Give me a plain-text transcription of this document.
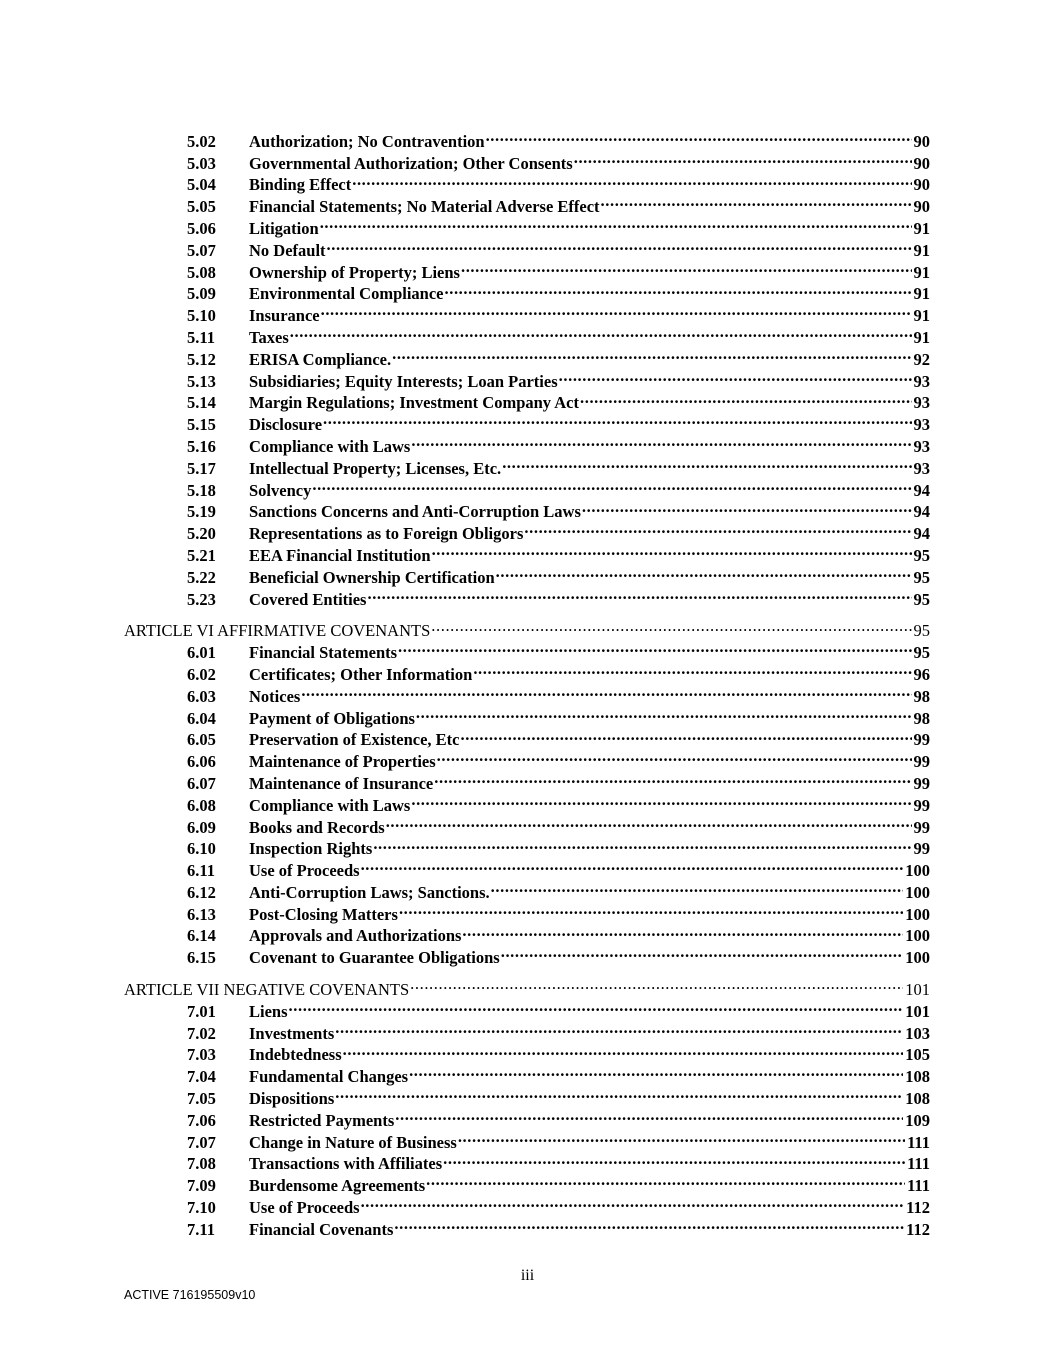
5.02	Authorization; No Contravention .....	90
5.03	Governmental Authorization; Other Consents .....	90
5.04	Binding Effect .....	90
5.05	Financial Statements; No Material Adverse Effect .....	90
5.06	Litigation .....	91
5.07	No Default .....	91
5.08	Ownership of Property; Liens .....	91
5.09	Environmental Compliance .....	91
5.10	Insurance .....	91
5.11	Taxes .....	91
5.12	ERISA Compliance. .....	92
5.13	Subsidiaries; Equity Interests; Loan Parties .....	93
5.14	Margin Regulations; Investment Company Act .....	93
5.15	Disclosure .....	93
5.16	Compliance with Laws .....	93
5.17	Intellectual Property; Licenses, Etc. .....	93
5.18	Solvency .....	94
5.19	Sanctions Concerns and Anti-Corruption Laws .....	94
5.20	Representations as to Foreign Obligors .....	94
5.21	EEA Financial Institution .....	95
5.22	Beneficial Ownership Certification .....	95
5.23	Covered Entities .....	95
ARTICLE VI AFFIRMATIVE COVENANTS .....	95
6.01	Financial Statements .....	95
6.02	Certificates; Other Information .....	96
6.03	Notices .....	98
6.04	Payment of Obligations .....	98
6.05	Preservation of Existence, Etc .....	99
6.06	Maintenance of Properties .....	99
6.07	Maintenance of Insurance .....	99
6.08	Compliance with Laws .....	99
6.09	Books and Records .....	99
6.10	Inspection Rights .....	99
6.11	Use of Proceeds .....	100
6.12	Anti-Corruption Laws; Sanctions. .....	100
6.13	Post-Closing Matters .....	100
6.14	Approvals and Authorizations .....	100
6.15	Covenant to Guarantee Obligations .....	100
ARTICLE VII NEGATIVE COVENANTS .....	101
7.01	Liens .....	101
7.02	Investments .....	103
7.03	Indebtedness .....	105
7.04	Fundamental Changes .....	108
7.05	Dispositions .....	108
7.06	Restricted Payments .....	109
7.07	Change in Nature of Business .....	111
7.08	Transactions with Affiliates .....	111
7.09	Burdensome Agreements .....	111
7.10	Use of Proceeds .....	112
7.11	Financial Covenants .....	112
iii
ACTIVE 716195509v10
